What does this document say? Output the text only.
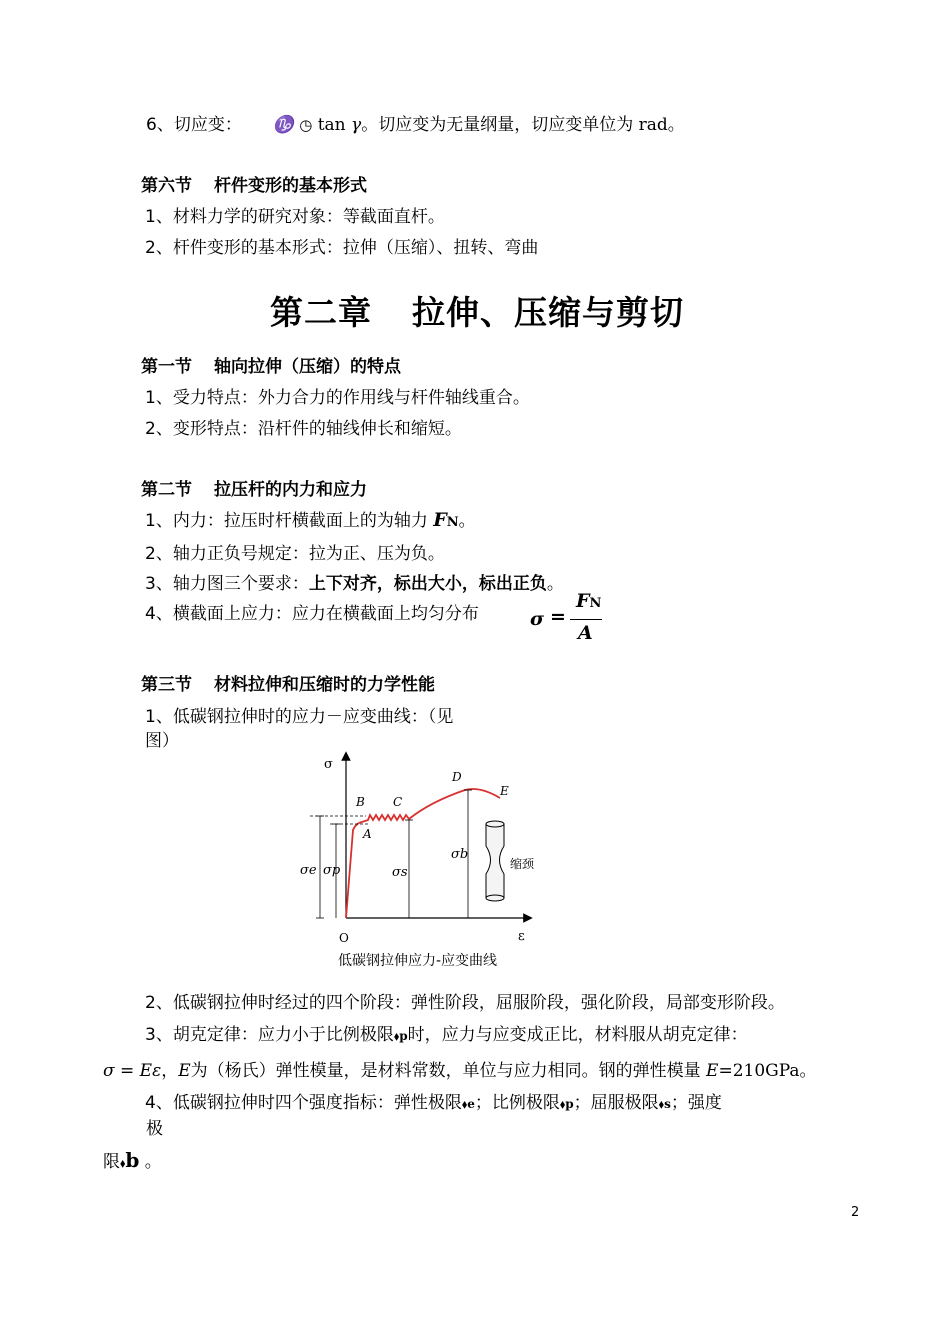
6、切应变： ♑ ◷ tan γ。切应变为无量纲量，切应变单位为 rad。
第六节 杆件变形的基本形式
1、材料力学的研究对象：等截面直杆。
2、杆件变形的基本形式：拉伸（压缩）、扭转、弯曲
第二章 拉伸、压缩与剪切
第一节 轴向拉伸（压缩）的特点
1、受力特点：外力合力的作用线与杆件轴线重合。
2、变形特点：沿杆件的轴线伸长和缩短。
第二节 拉压杆的内力和应力
1、内力：拉压时杆横截面上的为轴力 FN。
2、轴力正负号规定：拉为正、压为负。
3、轴力图三个要求：上下对齐，标出大小，标出正负。
4、横截面上应力：应力在横截面上均匀分布	σ =
FN
A
第三节 材料拉伸和压缩时的力学性能
1、低碳钢拉伸时的应力－应变曲线：（见
图）
σ
ε
O
A
B C
D
E
σe σp	σs
σb
缩颈
低碳钢拉伸应力-应变曲线
2、低碳钢拉伸时经过的四个阶段：弹性阶段，屈服阶段，强化阶段，局部变形阶段。
3、胡克定律：应力小于比例极限⬧p时，应力与应变成正比，材料服从胡克定律：
σ = Eε，E为（杨氏）弹性模量，是材料常数，单位与应力相同。钢的弹性模量 E=210GPa。
4、低碳钢拉伸时四个强度指标：弹性极限⬧e；比例极限⬧p；屈服极限⬧s；强度
极
限⬧b 。
2
